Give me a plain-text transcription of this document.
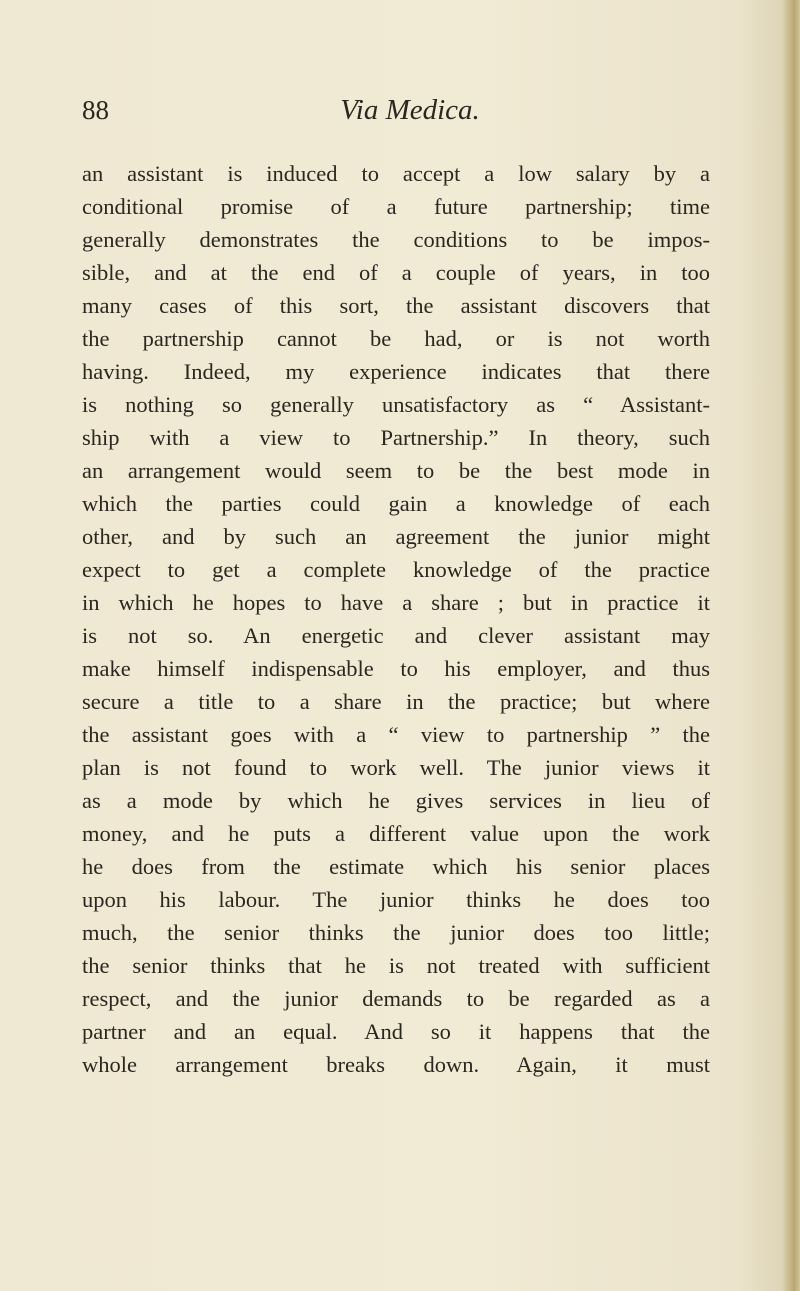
88	Via Medica.
an assistant is induced to accept a low salary by a
conditional promise of a future partnership; time
generally demonstrates the conditions to be impos-
sible, and at the end of a couple of years, in too
many cases of this sort, the assistant discovers that
the partnership cannot be had, or is not worth
having. Indeed, my experience indicates that there
is nothing so generally unsatisfactory as “ Assistant-
ship with a view to Partnership.” In theory, such
an arrangement would seem to be the best mode in
which the parties could gain a knowledge of each
other, and by such an agreement the junior might
expect to get a complete knowledge of the practice
in which he hopes to have a share ; but in practice it
is not so. An energetic and clever assistant may
make himself indispensable to his employer, and thus
secure a title to a share in the practice; but where
the assistant goes with a “ view to partnership ” the
plan is not found to work well. The junior views it
as a mode by which he gives services in lieu of
money, and he puts a different value upon the work
he does from the estimate which his senior places
upon his labour. The junior thinks he does too
much, the senior thinks the junior does too little;
the senior thinks that he is not treated with sufficient
respect, and the junior demands to be regarded as a
partner and an equal. And so it happens that the
whole arrangement breaks down. Again, it must
